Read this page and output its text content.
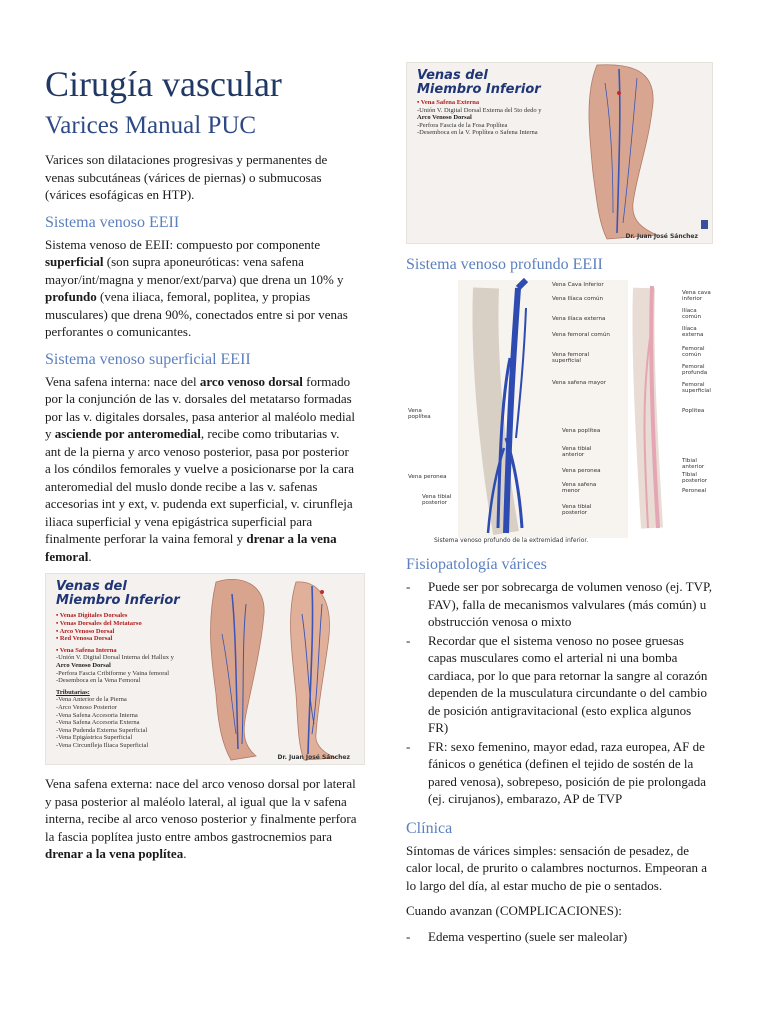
Cirugía vascular
Varices Manual PUC

Varices son dilataciones progresivas y permanentes de venas subcutáneas (várices de piernas) o submucosas (várices esofágicas en HTP).

Sistema venoso EEII

Sistema venoso de EEII: compuesto por componente superficial (son supra aponeuróticas: vena safena mayor/int/magna y menor/ext/parva) que drena un 10% y profundo (vena iliaca, femoral, poplitea, y propias musculares) que drena 90%, conectados entre si por venas perforantes o comunicantes.

Sistema venoso superficial EEII

Vena safena interna: nace del arco venoso dorsal formado por la conjunción de las v. dorsales del metatarso formadas por las v. digitales dorsales, pasa anterior al maléolo medial y asciende por anteromedial, recibe como tributarias v. ant de la pierna y arco venoso posterior, pasa por posterior a los cóndilos femorales y vuelve a posicionarse por la cara anteromedial del muslo donde recibe a las v. safenas accesorias int y ext, v. pudenda ext superficial, v. cirunfleja iliaca superficial y vena epigástrica superficial para finalmente perforar la vaina femoral y drenar a la vena femoral.

Venas del
Miembro Inferior
▪ Venas Digitales Dorsales
▪ Venas Dorsales del Metatarso
▪ Arco Venoso Dorsal
▪ Red Venosa Dorsal
▪ Vena Safena Interna
-Unión V. Digital Dorsal Interna del Hallux y
Arco Venoso Dorsal
-Perfora Fascia Cribiforme y Vaina femoral
-Desemboca en la Vena Femoral
Tributarias:
-Vena Anterior de la Pierna
-Arco Venoso Posterior
-Vena Safena Accesoria Interna
-Vena Safena Accesoria Externa
-Vena Pudenda Externa Superficial
-Vena Epigástrica Superficial
-Vena Circunfleja Iliaca Superficial
Dr. Juan José Sánchez

Vena safena externa: nace del arco venoso dorsal por lateral y pasa posterior al maléolo lateral, al igual que la v safena interna, recibe al arco venoso posterior y finalmente perfora la fascia poplítea justo entre ambos gastrocnemios para drenar a la vena poplítea.

Venas del
Miembro Inferior
▪ Vena Safena Externa
-Unión V. Digital Dorsal Externa del 5to dedo y
Arco Venoso Dorsal
-Perfora Fascia de la Fosa Poplítea
-Desemboca en la V. Poplítea o Safena Interna
Dr. Juan José Sánchez
Sistema venoso profundo EEII
Vena Cava Inferior
Vena Ilíaca común
Vena ilíaca externa
Vena femoral común
Vena femoral superficial
Vena safena mayor
Vena poplítea
Vena poplítea
Vena tibial anterior
Vena peronea
Vena peronea
Vena safena menor
Vena tibial posterior
Vena tibial posterior
Sistema venoso profundo de la extremidad inferior.
Vena cava inferior
Ilíaca común
Ilíaca externa
Femoral común
Femoral profunda
Femoral superficial
Poplitea
Tibial anterior
Tibial posterior
Peroneal
Fisiopatología várices
- Puede ser por sobrecarga de volumen venoso (ej. TVP, FAV), falla de mecanismos valvulares (más común) u obstrucción venosa o mixto
- Recordar que el sistema venoso no posee gruesas capas musculares como el arterial ni una bomba cardiaca, por lo que para retornar la sangre al corazón dependen de la musculatura circundante o del cambio de posición antigravitacional (esto explica algunos FR)
- FR: sexo femenino, mayor edad, raza europea, AF de fánicos o genética (definen el tejido de sostén de la pared venosa), sobrepeso, posición de pie prolongada (ej. cirujanos), embarazo, AP de TVP
Clínica

Síntomas de várices simples: sensación de pesadez, de calor local, de prurito o calambres nocturnos. Empeoran a lo largo del día, al estar mucho de pie o sentados.

Cuando avanzan (COMPLICACIONES):

- Edema vespertino (suele ser maleolar)
